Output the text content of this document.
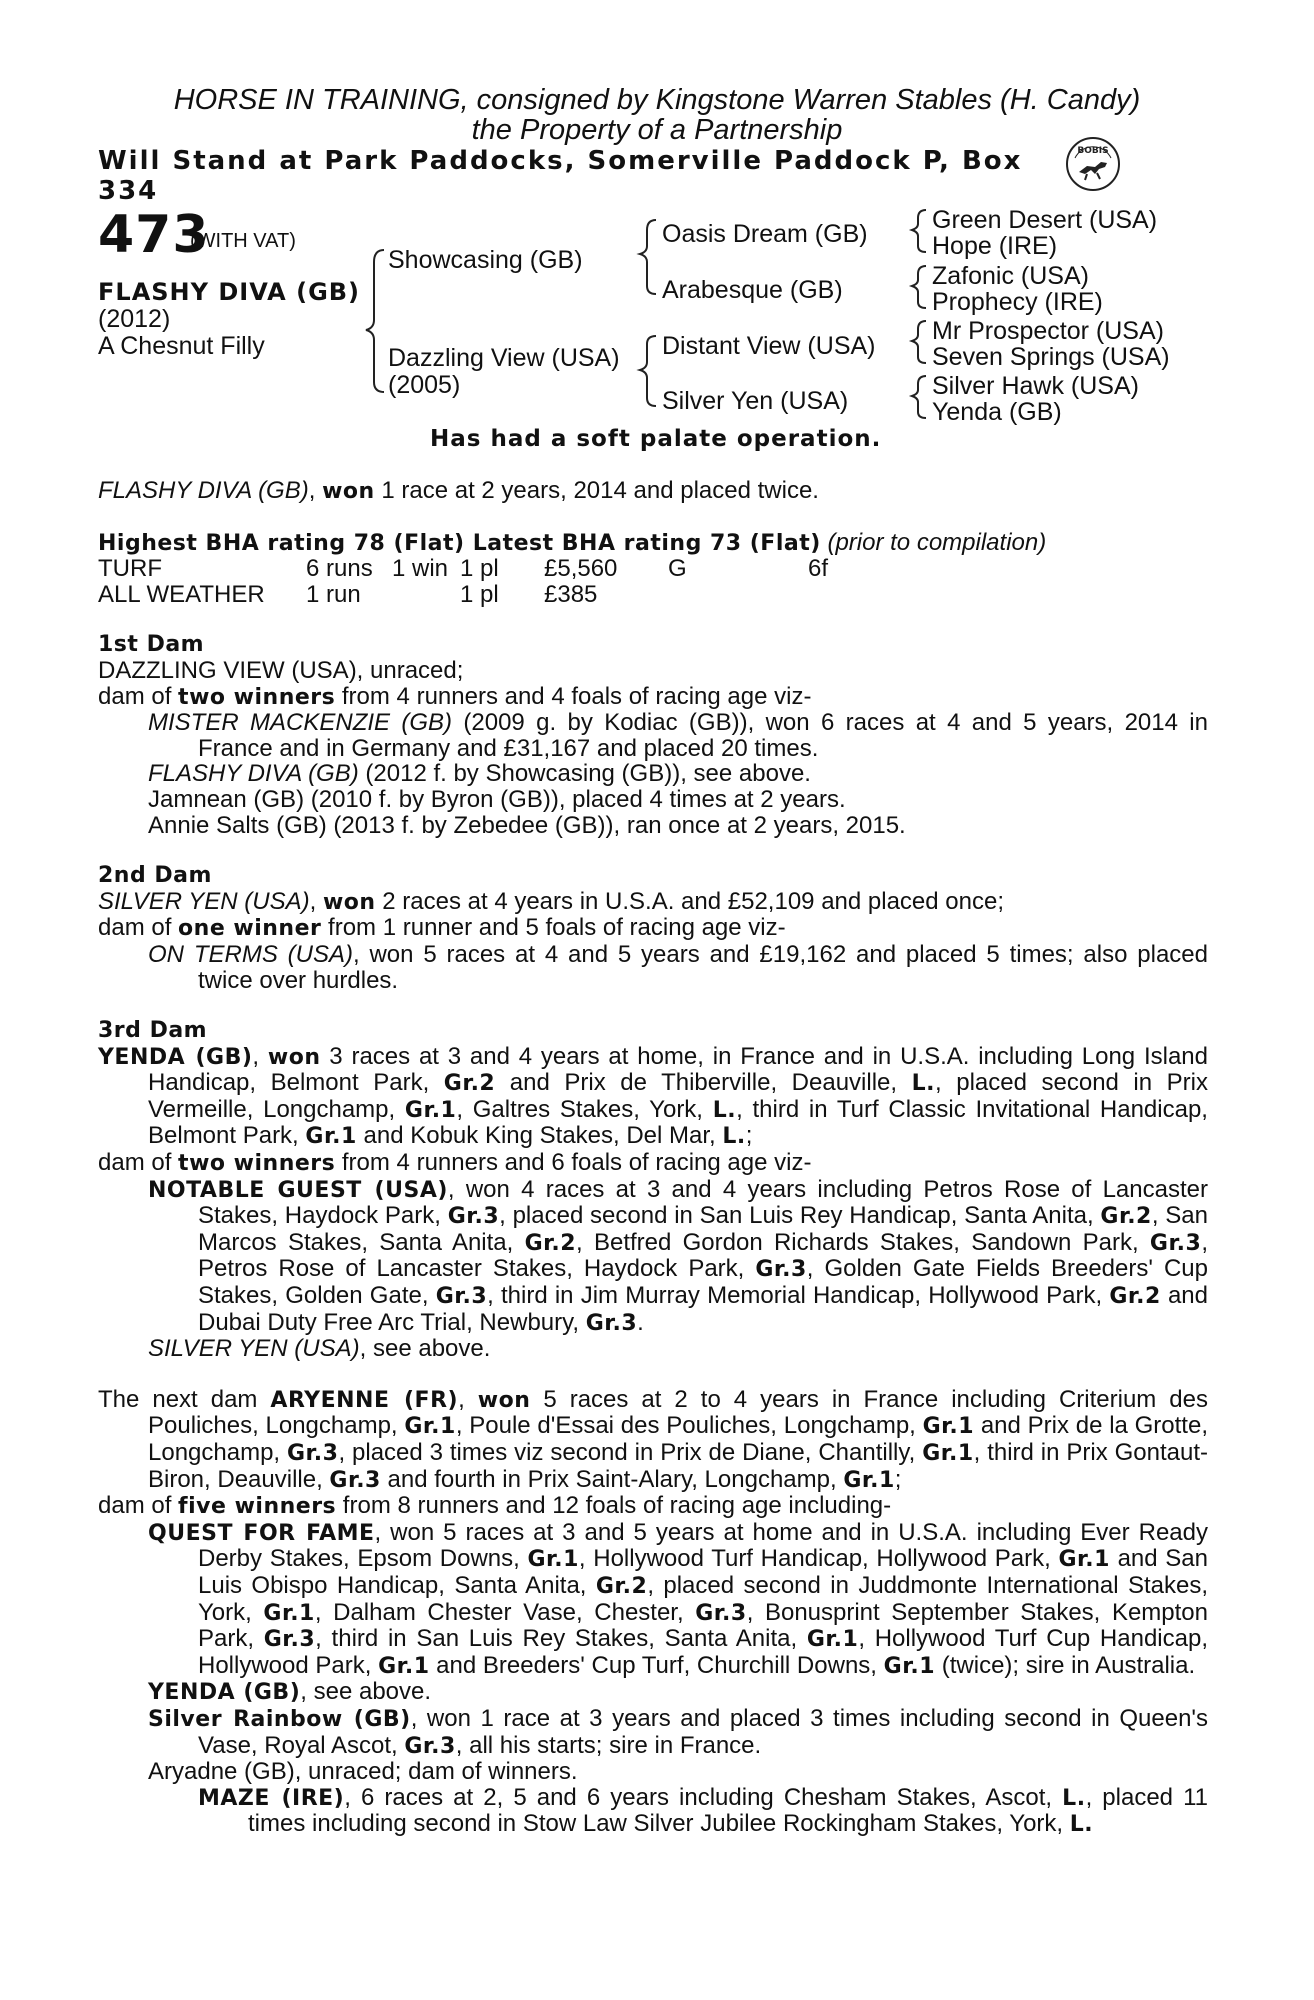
HORSE IN TRAINING, consigned by Kingstone Warren Stables (H. Candy)
the Property of a Partnership
Will Stand at Park Paddocks, Somerville Paddock P, Box 334
BOBIS
473
(WITH VAT)
FLASHY DIVA (GB)
(2012)
A Chesnut Filly
Showcasing (GB)
Dazzling View (USA)
(2005)
Oasis Dream (GB)
Arabesque (GB)
Distant View (USA)
Silver Yen (USA)
Green Desert (USA)
Hope (IRE)
Zafonic (USA)
Prophecy (IRE)
Mr Prospector (USA)
Seven Springs (USA)
Silver Hawk (USA)
Yenda (GB)
Has had a soft palate operation.

FLASHY DIVA (GB), won 1 race at 2 years, 2014 and placed twice.

Highest BHA rating 78 (Flat) Latest BHA rating 73 (Flat) (prior to compilation)

TURF	6 runs 1 win 1 pl	£5,560	G	6f
ALL WEATHER	1 run	1 pl	£385

1st Dam

DAZZLING VIEW (USA), unraced;

dam of two winners from 4 runners and 4 foals of racing age viz-

MISTER MACKENZIE (GB) (2009 g. by Kodiac (GB)), won 6 races at 4 and 5 years, 2014 in France and in Germany and £31,167 and placed 20 times.

FLASHY DIVA (GB) (2012 f. by Showcasing (GB)), see above.

Jamnean (GB) (2010 f. by Byron (GB)), placed 4 times at 2 years.

Annie Salts (GB) (2013 f. by Zebedee (GB)), ran once at 2 years, 2015.

2nd Dam

SILVER YEN (USA), won 2 races at 4 years in U.S.A. and £52,109 and placed once;

dam of one winner from 1 runner and 5 foals of racing age viz-

ON TERMS (USA), won 5 races at 4 and 5 years and £19,162 and placed 5 times; also placed twice over hurdles.

3rd Dam

YENDA (GB), won 3 races at 3 and 4 years at home, in France and in U.S.A. including Long Island Handicap, Belmont Park, Gr.2 and Prix de Thiberville, Deauville, L., placed second in Prix Vermeille, Longchamp, Gr.1, Galtres Stakes, York, L., third in Turf Classic Invitational Handicap, Belmont Park, Gr.1 and Kobuk King Stakes, Del Mar, L.;

dam of two winners from 4 runners and 6 foals of racing age viz-

NOTABLE GUEST (USA), won 4 races at 3 and 4 years including Petros Rose of Lancaster Stakes, Haydock Park, Gr.3, placed second in San Luis Rey Handicap, Santa Anita, Gr.2, San Marcos Stakes, Santa Anita, Gr.2, Betfred Gordon Richards Stakes, Sandown Park, Gr.3, Petros Rose of Lancaster Stakes, Haydock Park, Gr.3, Golden Gate Fields Breeders' Cup Stakes, Golden Gate, Gr.3, third in Jim Murray Memorial Handicap, Hollywood Park, Gr.2 and Dubai Duty Free Arc Trial, Newbury, Gr.3.

SILVER YEN (USA), see above.

The next dam ARYENNE (FR), won 5 races at 2 to 4 years in France including Criterium des Pouliches, Longchamp, Gr.1, Poule d'Essai des Pouliches, Longchamp, Gr.1 and Prix de la Grotte, Longchamp, Gr.3, placed 3 times viz second in Prix de Diane, Chantilly, Gr.1, third in Prix Gontaut-Biron, Deauville, Gr.3 and fourth in Prix Saint-Alary, Longchamp, Gr.1;

dam of five winners from 8 runners and 12 foals of racing age including-

QUEST FOR FAME, won 5 races at 3 and 5 years at home and in U.S.A. including Ever Ready Derby Stakes, Epsom Downs, Gr.1, Hollywood Turf Handicap, Hollywood Park, Gr.1 and San Luis Obispo Handicap, Santa Anita, Gr.2, placed second in Juddmonte International Stakes, York, Gr.1, Dalham Chester Vase, Chester, Gr.3, Bonusprint September Stakes, Kempton Park, Gr.3, third in San Luis Rey Stakes, Santa Anita, Gr.1, Hollywood Turf Cup Handicap, Hollywood Park, Gr.1 and Breeders' Cup Turf, Churchill Downs, Gr.1 (twice); sire in Australia.

YENDA (GB), see above.

Silver Rainbow (GB), won 1 race at 3 years and placed 3 times including second in Queen's Vase, Royal Ascot, Gr.3, all his starts; sire in France.

Aryadne (GB), unraced; dam of winners.

MAZE (IRE), 6 races at 2, 5 and 6 years including Chesham Stakes, Ascot, L., placed 11 times including second in Stow Law Silver Jubilee Rockingham Stakes, York, L.
